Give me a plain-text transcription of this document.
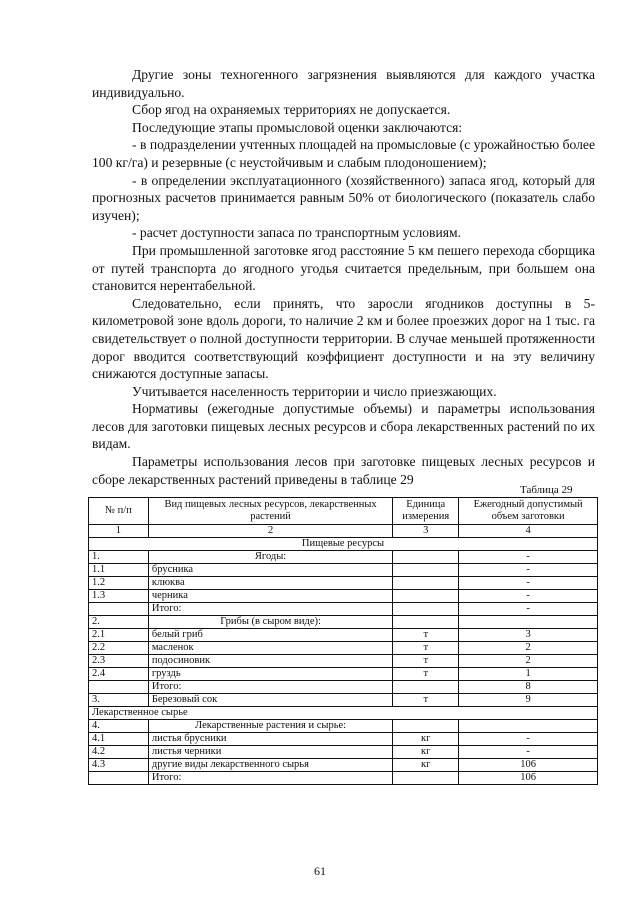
Другие зоны техногенного загрязнения выявляются для каждого участка индивидуально.

Сбор ягод на охраняемых территориях не допускается.

Последующие этапы промысловой оценки заключаются:

- в подразделении учтенных площадей на промысловые (с урожайностью более 100 кг/га) и резервные (с неустойчивым и слабым плодоношением);

- в определении эксплуатационного (хозяйственного) запаса ягод, который для прогнозных расчетов принимается равным 50% от биологического (показатель слабо изучен);

- расчет доступности запаса по транспортным условиям.

При промышленной заготовке ягод расстояние 5 км пешего перехода сборщика от путей транспорта до ягодного угодья считается предельным, при большем она становится нерентабельной.

Следовательно, если принять, что заросли ягодников доступны в 5-километровой зоне вдоль дороги, то наличие 2 км и более проезжих дорог на 1 тыс. га свидетельствует о полной доступности территории. В случае меньшей протяженности дорог вводится соответствующий коэффициент доступности и на эту величину снижаются доступные запасы.

Учитывается населенность территории и число приезжающих.

Нормативы (ежегодные допустимые объемы) и параметры использования лесов для заготовки пищевых лесных ресурсов и сбора лекарственных растений по их видам.

Параметры использования лесов при заготовке пищевых лесных ресурсов и сборе лекарственных растений приведены в таблице 29

Таблица 29
№ п/п	Вид пищевых лесных ресурсов, лекарственных растений	Единица измерения	Ежегодный допустимый объем заготовки
1	2	3	4
Пищевые ресурсы			
1.	Ягоды:		-
1.1	брусника		-
1.2	клюква		-
1.3	черника		-
	Итого:		-
2.	Грибы (в сыром виде):		
2.1	белый гриб	т	3
2.2	масленок	т	2
2.3	подосиновик	т	2
2.4	груздь	т	1
	Итого:		8
3.	Березовый сок	т	9
Лекарственное сырье			
4.	Лекарственные растения и сырье:		
4.1	листья брусники	кг	-
4.2	листья черники	кг	-
4.3	другие виды лекарственного сырья	кг	106
	Итого:		106
61
